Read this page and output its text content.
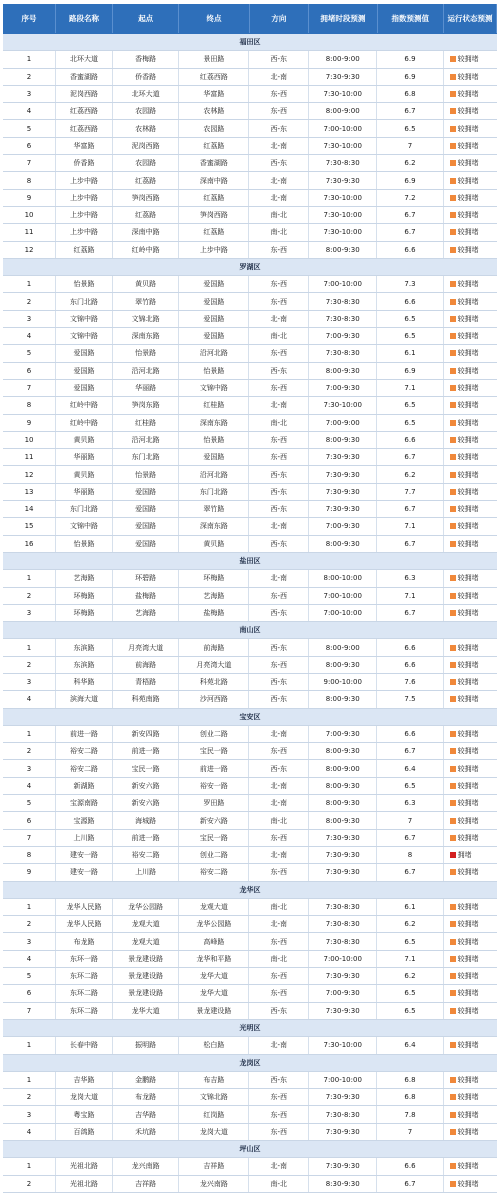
序号	路段名称	起点	终点	方向	拥堵时段预测	指数预测值	运行状态预测
福田区
1	北环大道	香梅路	景田路	西-东	8:00-9:00	6.9	较拥堵
2	香蜜湖路	侨香路	红荔西路	北-南	7:30-9:30	6.9	较拥堵
3	泥岗西路	北环大道	华富路	东-西	7:30-10:00	6.8	较拥堵
4	红荔西路	农园路	农林路	东-西	8:00-9:00	6.7	较拥堵
5	红荔西路	农林路	农园路	西-东	7:00-10:00	6.5	较拥堵
6	华富路	泥岗西路	红荔路	北-南	7:30-10:00	7	较拥堵
7	侨香路	农园路	香蜜湖路	西-东	7:30-8:30	6.2	较拥堵
8	上步中路	红荔路	深南中路	北-南	7:30-9:30	6.9	较拥堵
9	上步中路	笋岗西路	红荔路	北-南	7:30-10:00	7.2	较拥堵
10	上步中路	红荔路	笋岗西路	南-北	7:30-10:00	6.7	较拥堵
11	上步中路	深南中路	红荔路	南-北	7:30-10:00	6.7	较拥堵
12	红荔路	红岭中路	上步中路	东-西	8:00-9:30	6.6	较拥堵
罗湖区
1	怡景路	黄贝路	爱国路	东-西	7:00-10:00	7.3	较拥堵
2	东门北路	翠竹路	爱国路	东-西	7:30-8:30	6.6	较拥堵
3	文锦中路	文锦北路	爱国路	北-南	7:30-8:30	6.5	较拥堵
4	文锦中路	深南东路	爱国路	南-北	7:00-9:30	6.5	较拥堵
5	爱国路	怡景路	沿河北路	东-西	7:30-8:30	6.1	较拥堵
6	爱国路	沿河北路	怡景路	西-东	8:00-9:30	6.9	较拥堵
7	爱国路	华丽路	文锦中路	东-西	7:00-9:30	7.1	较拥堵
8	红岭中路	笋岗东路	红桂路	北-南	7:30-10:00	6.5	较拥堵
9	红岭中路	红桂路	深南东路	南-北	7:00-9:00	6.5	较拥堵
10	黄贝路	沿河北路	怡景路	东-西	8:00-9:30	6.6	较拥堵
11	华丽路	东门北路	爱国路	东-西	7:30-9:30	6.7	较拥堵
12	黄贝路	怡景路	沿河北路	西-东	7:30-9:30	6.2	较拥堵
13	华丽路	爱国路	东门北路	西-东	7:30-9:30	7.7	较拥堵
14	东门北路	爱国路	翠竹路	西-东	7:30-9:30	6.7	较拥堵
15	文锦中路	爱国路	深南东路	北-南	7:00-9:30	7.1	较拥堵
16	怡景路	爱国路	黄贝路	西-东	8:00-9:30	6.7	较拥堵
盐田区
1	艺海路	环碧路	环梅路	北-南	8:00-10:00	6.3	较拥堵
2	环梅路	盐梅路	艺海路	东-西	7:00-10:00	7.1	较拥堵
3	环梅路	艺海路	盐梅路	西-东	7:00-10:00	6.7	较拥堵
南山区
1	东滨路	月亮湾大道	前海路	西-东	8:00-9:00	6.6	较拥堵
2	东滨路	前海路	月亮湾大道	东-西	8:00-9:30	6.6	较拥堵
3	科华路	青梧路	科苑北路	西-东	9:00-10:00	7.6	较拥堵
4	滨海大道	科苑南路	沙河西路	西-东	8:00-9:30	7.5	较拥堵
宝安区
1	前进一路	新安四路	创业二路	北-南	7:00-9:30	6.6	较拥堵
2	裕安二路	前进一路	宝民一路	东-西	8:00-9:30	6.7	较拥堵
3	裕安二路	宝民一路	前进一路	西-东	8:00-9:00	6.4	较拥堵
4	新湖路	新安六路	裕安一路	北-南	8:00-9:30	6.5	较拥堵
5	宝源南路	新安六路	罗田路	北-南	8:00-9:30	6.3	较拥堵
6	宝源路	海城路	新安六路	南-北	8:00-9:30	7	较拥堵
7	上川路	前进一路	宝民一路	东-西	7:30-9:30	6.7	较拥堵
8	建安一路	裕安二路	创业二路	北-南	7:30-9:30	8	拥堵
9	建安一路	上川路	裕安二路	东-西	7:30-9:30	6.7	较拥堵
龙华区
1	龙华人民路	龙华公园路	龙观大道	南-北	7:30-8:30	6.1	较拥堵
2	龙华人民路	龙观大道	龙华公园路	北-南	7:30-8:30	6.2	较拥堵
3	布龙路	龙观大道	高峰路	东-西	7:30-8:30	6.5	较拥堵
4	东环一路	景龙建设路	龙华和平路	南-北	7:00-10:00	7.1	较拥堵
5	东环二路	景龙建设路	龙华大道	东-西	7:30-9:30	6.2	较拥堵
6	东环二路	景龙建设路	龙华大道	东-西	7:00-9:30	6.5	较拥堵
7	东环二路	龙华大道	景龙建设路	西-东	7:30-9:30	6.5	较拥堵
光明区
1	长春中路	振明路	松白路	北-南	7:30-10:00	6.4	较拥堵
龙岗区
1	吉华路	金鹏路	布吉路	西-东	7:00-10:00	6.8	较拥堵
2	龙岗大道	布龙路	文锦北路	东-西	7:30-9:30	6.8	较拥堵
3	粤宝路	吉华路	红岗路	东-西	7:30-8:30	7.8	较拥堵
4	百鸽路	禾坑路	龙岗大道	东-西	7:30-9:30	7	较拥堵
坪山区
1	光祖北路	龙兴南路	吉祥路	北-南	7:30-9:30	6.6	较拥堵
2	光祖北路	吉祥路	龙兴南路	南-北	8:30-9:30	6.7	较拥堵
